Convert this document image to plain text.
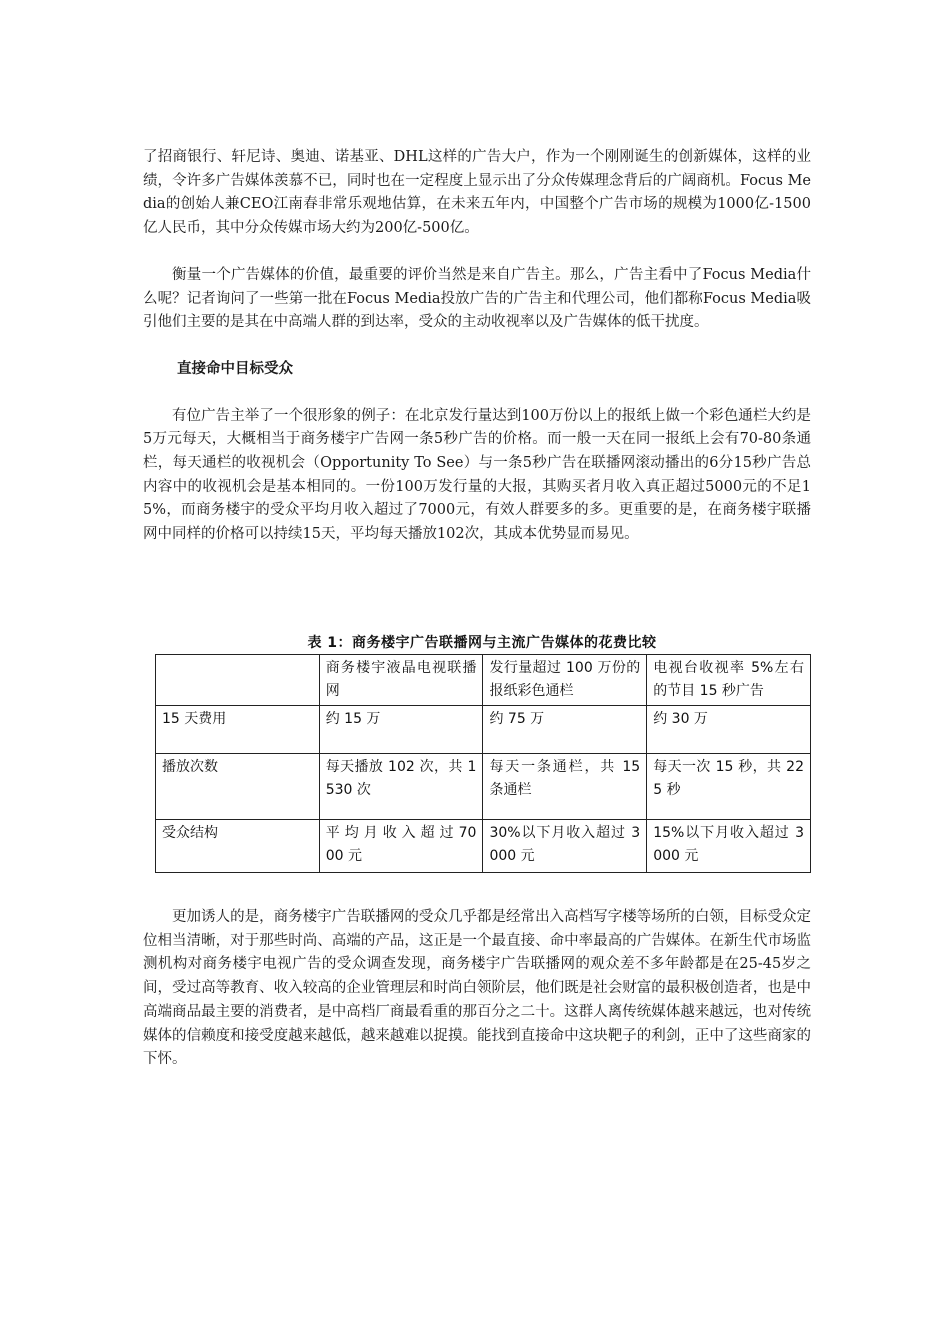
了招商银行、轩尼诗、奥迪、诺基亚、DHL这样的广告大户，作为一个刚刚诞生的创新媒体，这样的业绩，令许多广告媒体羡慕不已，同时也在一定程度上显示出了分众传媒理念背后的广阔商机。Focus Media的创始人兼CEO江南春非常乐观地估算，在未来五年内，中国整个广告市场的规模为1000亿-1500亿人民币，其中分众传媒市场大约为200亿-500亿。

衡量一个广告媒体的价值，最重要的评价当然是来自广告主。那么，广告主看中了Focus Media什么呢？记者询问了一些第一批在Focus Media投放广告的广告主和代理公司，他们都称Focus Media吸引他们主要的是其在中高端人群的到达率，受众的主动收视率以及广告媒体的低干扰度。

直接命中目标受众

有位广告主举了一个很形象的例子：在北京发行量达到100万份以上的报纸上做一个彩色通栏大约是5万元每天，大概相当于商务楼宇广告网一条5秒广告的价格。而一般一天在同一报纸上会有70-80条通栏，每天通栏的收视机会（Opportunity To See）与一条5秒广告在联播网滚动播出的6分15秒广告总内容中的收视机会是基本相同的。一份100万发行量的大报，其购买者月收入真正超过5000元的不足15%，而商务楼宇的受众平均月收入超过了7000元，有效人群要多的多。更重要的是，在商务楼宇联播网中同样的价格可以持续15天，平均每天播放102次，其成本优势显而易见。

表 1：商务楼宇广告联播网与主流广告媒体的花费比较
	商务楼宇液晶电视联播网	发行量超过 100 万份的报纸彩色通栏	电视台收视率 5%左右的节目 15 秒广告
15 天费用	约 15 万	约 75 万	约 30 万
播放次数	每天播放 102 次，共 1530 次	每天一条通栏，共 15 条通栏	每天一次 15 秒，共 225 秒
受众结构	平 均 月 收 入 超 过 7000 元	30%以下月收入超过 3000 元	15%以下月收入超过 3000 元

更加诱人的是，商务楼宇广告联播网的受众几乎都是经常出入高档写字楼等场所的白领，目标受众定位相当清晰，对于那些时尚、高端的产品，这正是一个最直接、命中率最高的广告媒体。在新生代市场监测机构对商务楼宇电视广告的受众调查发现，商务楼宇广告联播网的观众差不多年龄都是在25-45岁之间，受过高等教育、收入较高的企业管理层和时尚白领阶层，他们既是社会财富的最积极创造者，也是中高端商品最主要的消费者，是中高档厂商最看重的那百分之二十。这群人离传统媒体越来越远，也对传统媒体的信赖度和接受度越来越低，越来越难以捉摸。能找到直接命中这块靶子的利剑，正中了这些商家的下怀。
